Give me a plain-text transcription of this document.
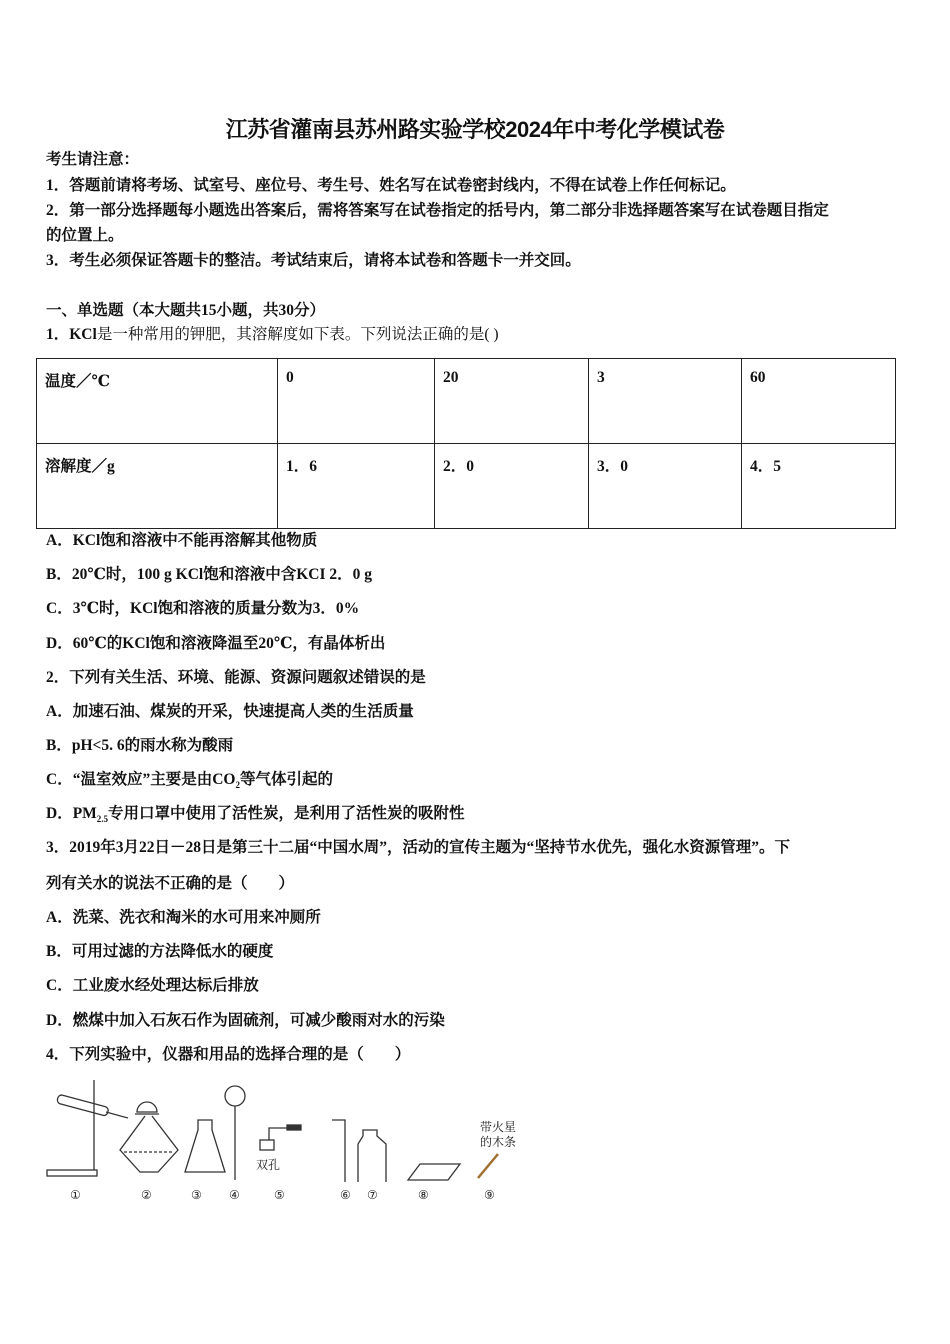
江苏省灌南县苏州路实验学校2024年中考化学模试卷
考生请注意：
1．答题前请将考场、试室号、座位号、考生号、姓名写在试卷密封线内，不得在试卷上作任何标记。
2．第一部分选择题每小题选出答案后，需将答案写在试卷指定的括号内，第二部分非选择题答案写在试卷题目指定
的位置上。
3．考生必须保证答题卡的整洁。考试结束后，请将本试卷和答题卡一并交回。
一、单选题（本大题共15小题，共30分）
1．KCl是一种常用的钾肥，其溶解度如下表。下列说法正确的是( )
温度／℃	0	20	3	60
溶解度／g	1．6	2．0	3．0	4．5
A．KCl饱和溶液中不能再溶解其他物质
B．20℃时，100 g KCl饱和溶液中含KCI 2．0 g
C．3℃时，KCl饱和溶液的质量分数为3．0%
D．60℃的KCl饱和溶液降温至20℃，有晶体析出
2．下列有关生活、环境、能源、资源问题叙述错误的是
A．加速石油、煤炭的开采，快速提高人类的生活质量
B．pH<5. 6的雨水称为酸雨
C．“温室效应”主要是由$CO_2$等气体引起的
D．$PM_{2.5}$专用口罩中使用了活性炭，是利用了活性炭的吸附性
3．2019年3月22日－28日是第三十二届“中国水周”，活动的宣传主题为“坚持节水优先，强化水资源管理”。下
列有关水的说法不正确的是（　　）
A．洗菜、洗衣和淘米的水可用来冲厕所
B．可用过滤的方法降低水的硬度
C．工业废水经处理达标后排放
D．燃煤中加入石灰石作为固硫剂，可减少酸雨对水的污染
4．下列实验中，仪器和用品的选择合理的是（　　）
双孔
带火星
的木条
①	②	③ ④	⑤	⑥ ⑦	⑧	⑨
